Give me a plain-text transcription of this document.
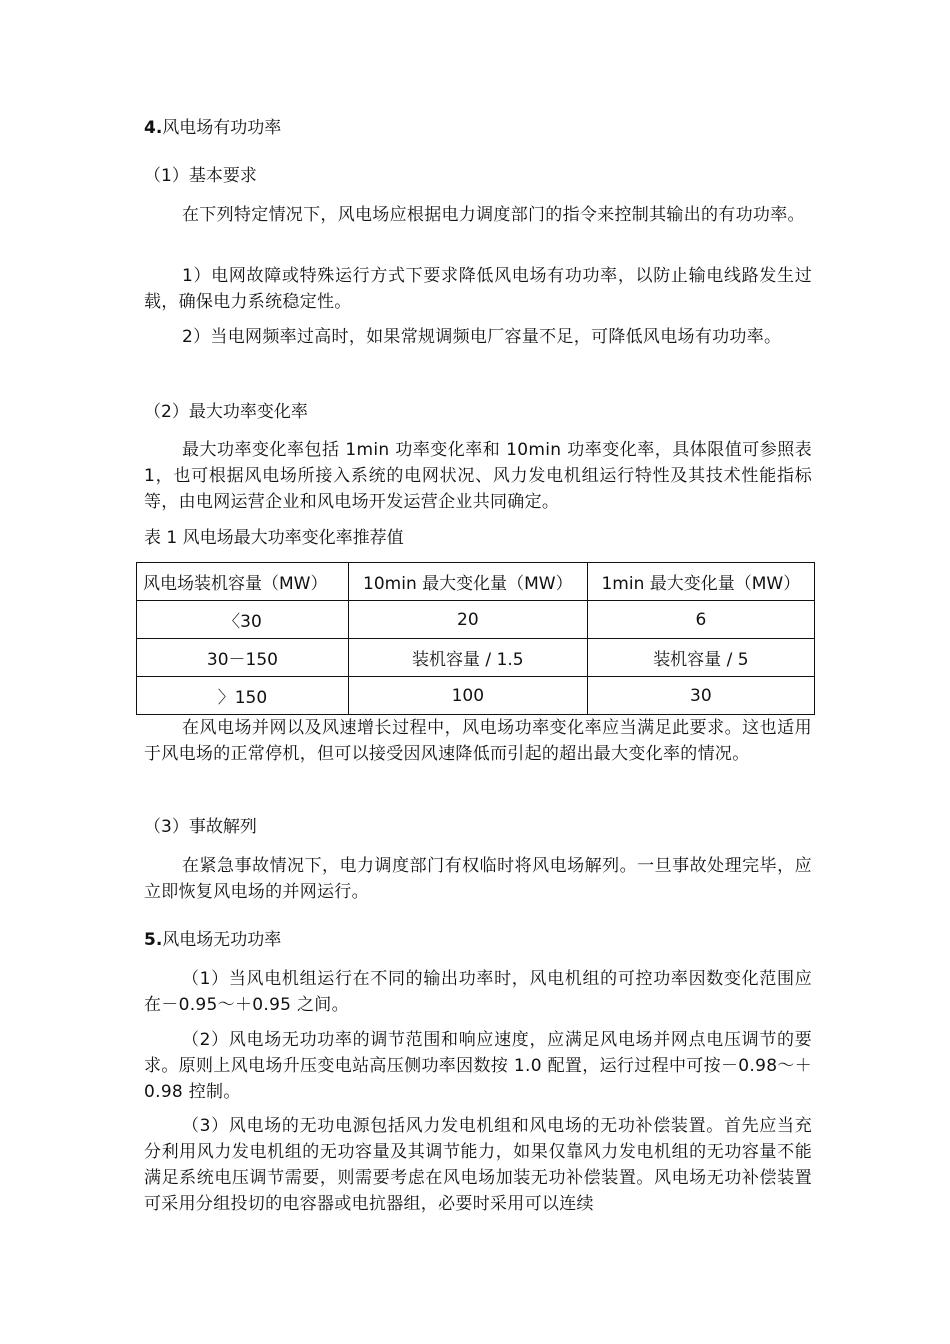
4.风电场有功功率
（1）基本要求
在下列特定情况下，风电场应根据电力调度部门的指令来控制其输出的有功功率。
1）电网故障或特殊运行方式下要求降低风电场有功功率，以防止输电线路发生过载，确保电力系统稳定性。
2）当电网频率过高时，如果常规调频电厂容量不足，可降低风电场有功功率。
（2）最大功率变化率
最大功率变化率包括 1min 功率变化率和 10min 功率变化率，具体限值可参照表 1，也可根据风电场所接入系统的电网状况、风力发电机组运行特性及其技术性能指标等，由电网运营企业和风电场开发运营企业共同确定。
表 1 风电场最大功率变化率推荐值
风电场装机容量（MW）	10min 最大变化量（MW）	1min 最大变化量（MW）
〈30	20	6
30－150	装机容量 / 1.5	装机容量 / 5
〉150	100	30
在风电场并网以及风速增长过程中，风电场功率变化率应当满足此要求。这也适用于风电场的正常停机，但可以接受因风速降低而引起的超出最大变化率的情况。
（3）事故解列
在紧急事故情况下，电力调度部门有权临时将风电场解列。一旦事故处理完毕，应立即恢复风电场的并网运行。
5.风电场无功功率
（1）当风电机组运行在不同的输出功率时，风电机组的可控功率因数变化范围应在－0.95～＋0.95 之间。
（2）风电场无功功率的调节范围和响应速度，应满足风电场并网点电压调节的要求。原则上风电场升压变电站高压侧功率因数按 1.0 配置，运行过程中可按－0.98～＋0.98 控制。
（3）风电场的无功电源包括风力发电机组和风电场的无功补偿装置。首先应当充分利用风力发电机组的无功容量及其调节能力，如果仅靠风力发电机组的无功容量不能满足系统电压调节需要，则需要考虑在风电场加装无功补偿装置。风电场无功补偿装置可采用分组投切的电容器或电抗器组，必要时采用可以连续
